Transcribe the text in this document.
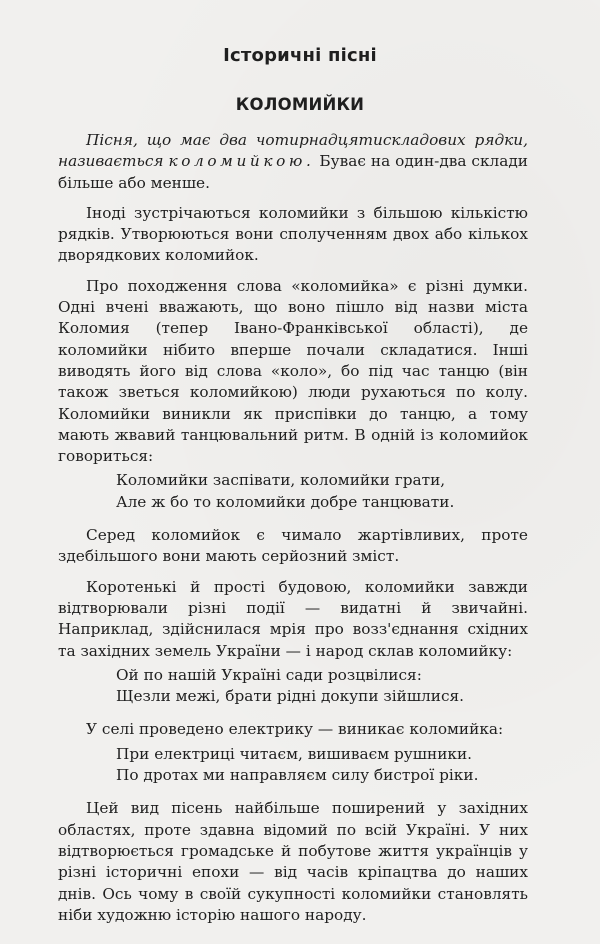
Історичні пісні
КОЛОМИЙКИ

Пісня, що має два чотирнадцятискладових рядки, називається коломийкою. Буває на один-два склади більше або менше.

Іноді зустрічаються коломийки з більшою кількістю рядків. Утворюються вони сполученням двох або кількох дворядкових коломийок.

Про походження слова «коломийка» є різні думки. Одні вчені вважають, що воно пішло від назви міста Коломия (тепер Івано-Франківської області), де коломийки нібито вперше почали складатися. Інші виводять його від слова «коло», бо під час танцю (він також зветься коломийкою) люди рухаються по колу. Коломийки виникли як приспівки до танцю, а тому мають жвавий танцювальний ритм. В одній із коломийок говориться:

Коломийки заспівати, коломийки грати,
Але ж бо то коломийки добре танцювати.

Серед коломийок є чимало жартівливих, проте здебільшого вони мають серйозний зміст.

Коротенькі й прості будовою, коломийки завжди відтворювали різні події — видатні й звичайні. Наприклад, здійснилася мрія про возз'єднання східних та західних земель України — і народ склав коломийку:

Ой по нашій Україні сади розцвілися:
Щезли межі, брати рідні докупи зійшлися.

У селі проведено електрику — виникає коломийка:

При електриці читаєм, вишиваєм рушники.
По дротах ми направляєм силу бистрої ріки.

Цей вид пісень найбільше поширений у західних областях, проте здавна відомий по всій Україні. У них відтворюється громадське й побутове життя українців у різні історичні епохи — від часів кріпацтва до наших днів. Ось чому в своїй сукупності коломийки становлять ніби художню історію нашого народу.
